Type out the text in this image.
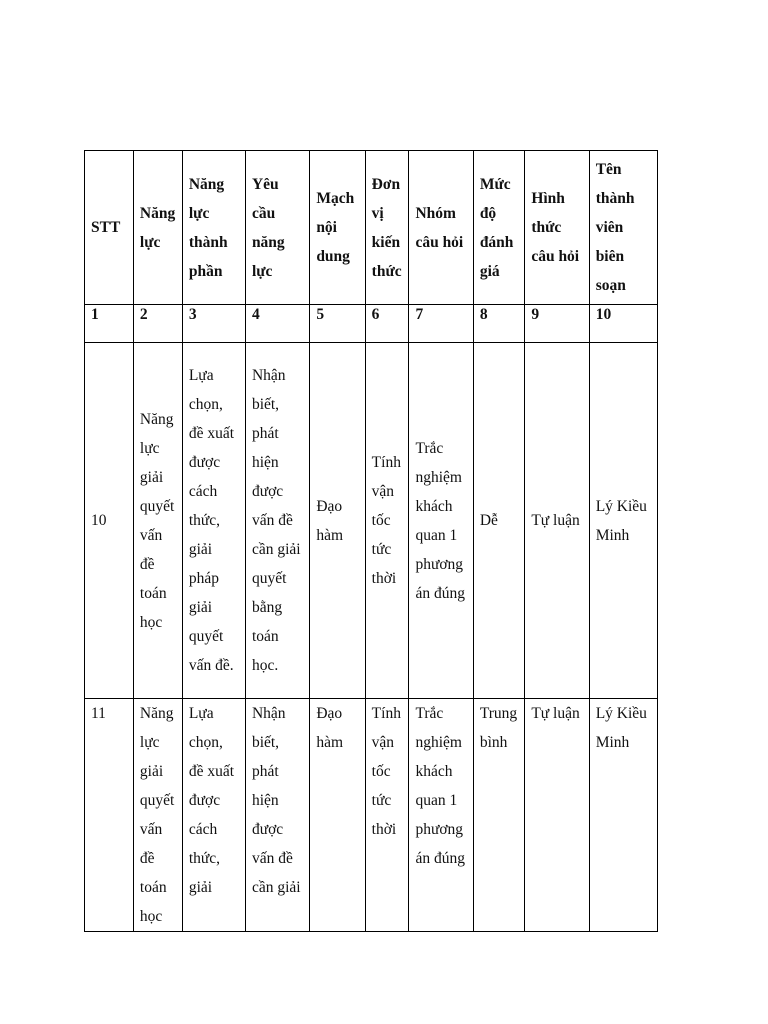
STT	Năng lực	Năng lực thành phần	Yêu cầu năng lực	Mạch nội dung	Đơn vị kiến thức	Nhóm câu hỏi	Mức độ đánh giá	Hình thức câu hỏi	Tên thành viên biên soạn
1	2	3	4	5	6	7	8	9	10
10	Năng lực giải quyết vấn đề toán học	Lựa chọn, đề xuất được cách thức, giải pháp giải quyết vấn đề.	Nhận biết, phát hiện được vấn đề cần giải quyết bằng toán học.	Đạo hàm	Tính vận tốc tức thời	Trắc nghiệm khách quan 1 phương án đúng	Dễ	Tự luận	Lý Kiều Minh
11	Năng lực giải quyết vấn đề toán học	Lựa chọn, đề xuất được cách thức, giải	Nhận biết, phát hiện được vấn đề cần giải	Đạo hàm	Tính vận tốc tức thời	Trắc nghiệm khách quan 1 phương án đúng	Trung bình	Tự luận	Lý Kiều Minh
